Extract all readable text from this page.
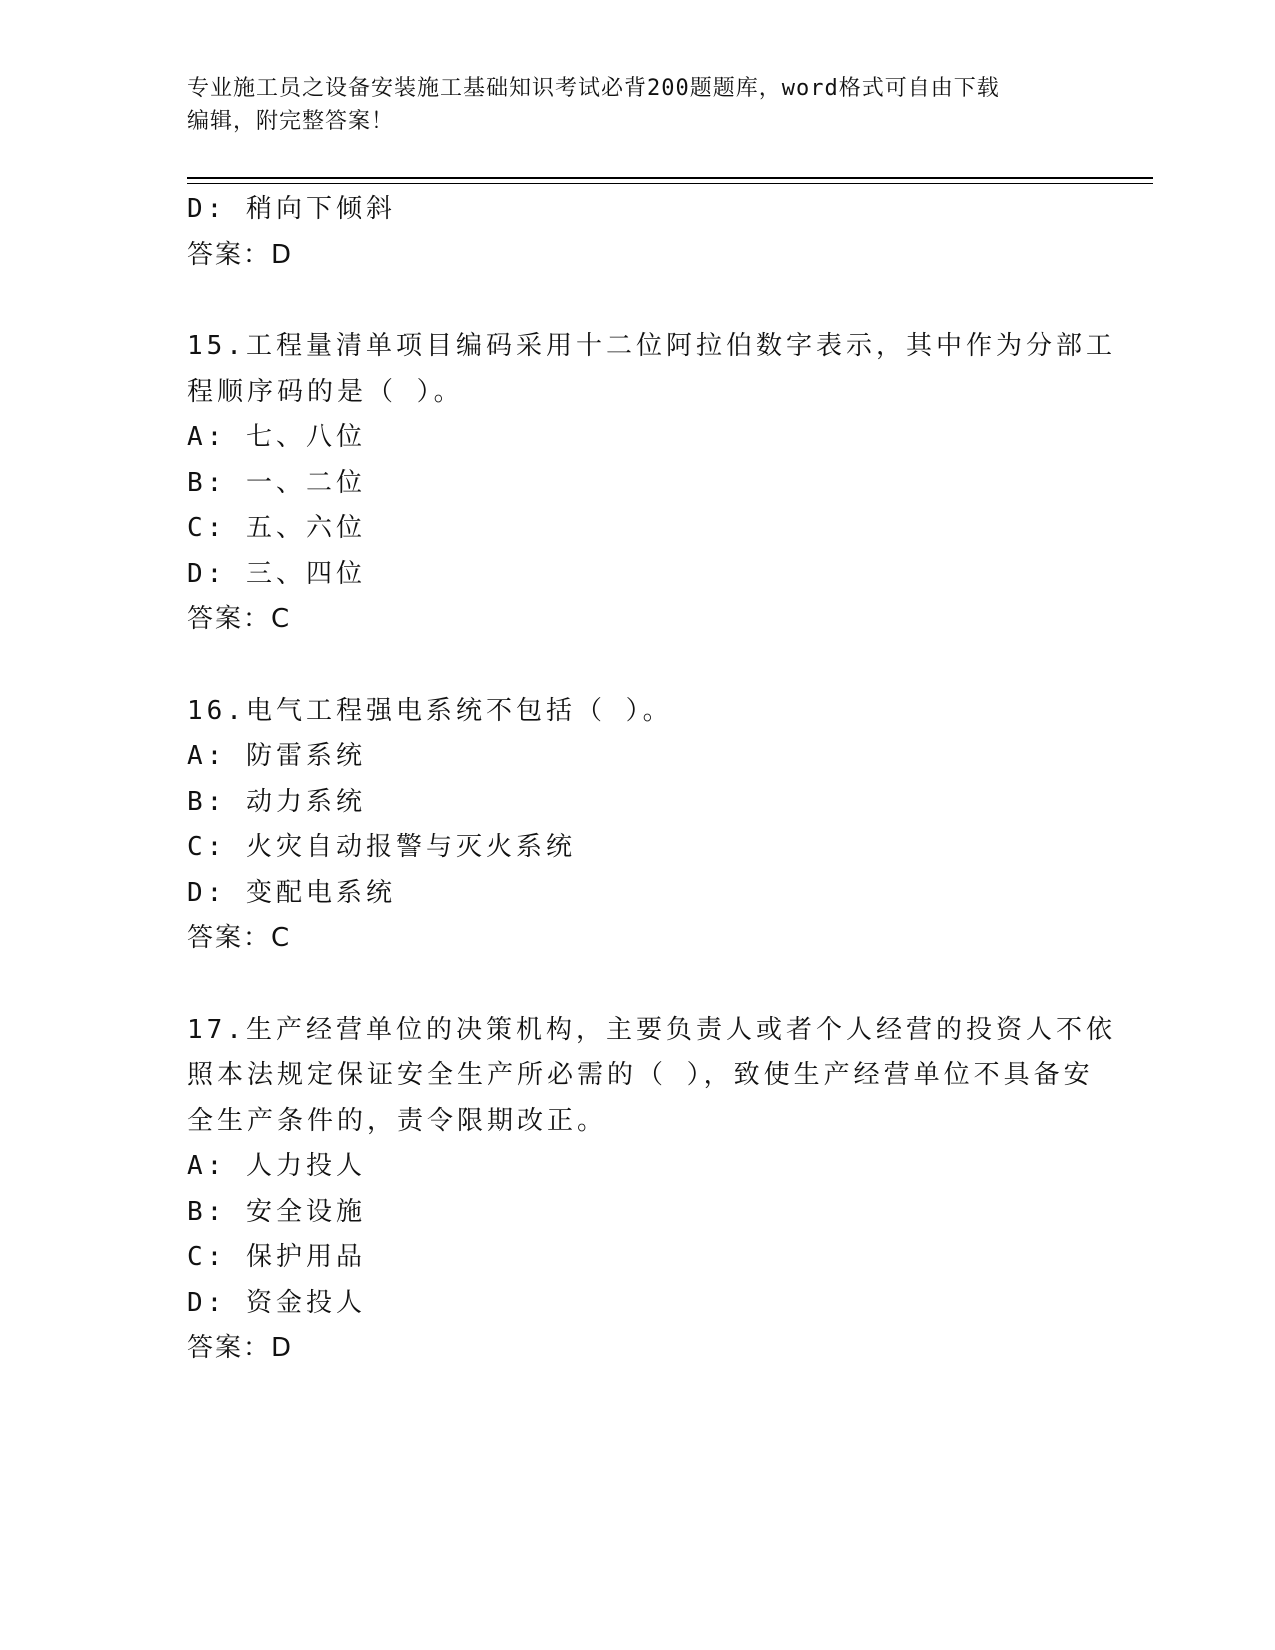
专业施工员之设备安装施工基础知识考试必背200题题库，word格式可自由下载
编辑，附完整答案！
D: 稍向下倾斜
答案：D
15.工程量清单项目编码采用十二位阿拉伯数字表示，其中作为分部工
程顺序码的是（ ）。
A: 七、八位
B: 一、二位
C: 五、六位
D: 三、四位
答案：C
16.电气工程强电系统不包括（ ）。
A: 防雷系统
B: 动力系统
C: 火灾自动报警与灭火系统
D: 变配电系统
答案：C
17.生产经营单位的决策机构，主要负责人或者个人经营的投资人不依
照本法规定保证安全生产所必需的（ ），致使生产经营单位不具备安
全生产条件的，责令限期改正。
A: 人力投人
B: 安全设施
C: 保护用品
D: 资金投人
答案：D
